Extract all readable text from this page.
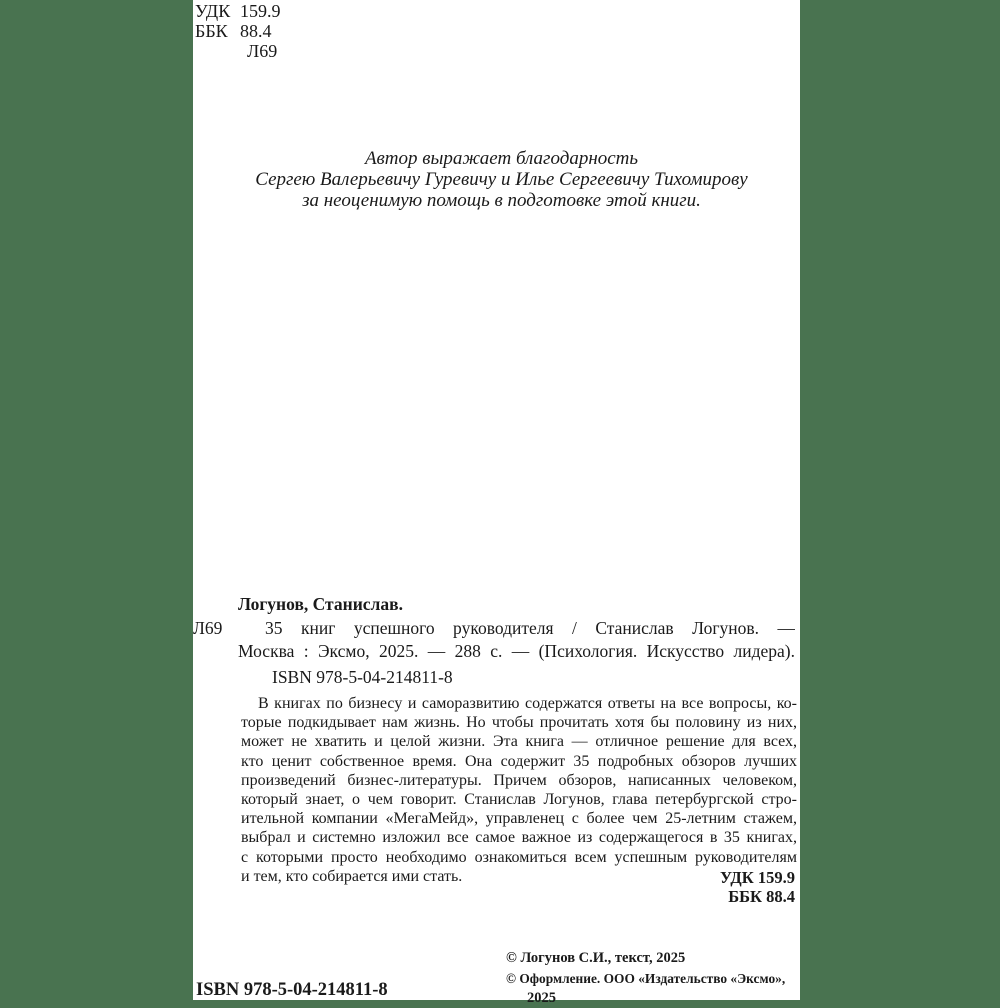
УДК 159.9
ББК 88.4
Л69
Автор выражает благодарность
Сергею Валерьевичу Гуревичу и Илье Сергеевичу Тихомирову
за неоценимую помощь в подготовке этой книги.
Логунов, Станислав.
Л69	35 книг успешного руководителя / Станислав Логунов. —
Москва : Эксмо, 2025. — 288 с. — (Психология. Искусство лидера).
ISBN 978-5-04-214811-8
В книгах по бизнесу и саморазвитию содержатся ответы на все вопросы, ко-
торые подкидывает нам жизнь. Но чтобы прочитать хотя бы половину из них,
может не хватить и целой жизни. Эта книга — отличное решение для всех,
кто ценит собственное время. Она содержит 35 подробных обзоров лучших
произведений бизнес-литературы. Причем обзоров, написанных человеком,
который знает, о чем говорит. Станислав Логунов, глава петербургской стро-
ительной компании «МегаМейд», управленец с более чем 25-летним стажем,
выбрал и системно изложил все самое важное из содержащегося в 35 книгах,
с которыми просто необходимо ознакомиться всем успешным руководителям
и тем, кто собирается ими стать.	УДК 159.9
ББК 88.4
© Логунов С.И., текст, 2025
© Оформление. ООО «Издательство «Эксмо»,
2025
ISBN 978-5-04-214811-8
